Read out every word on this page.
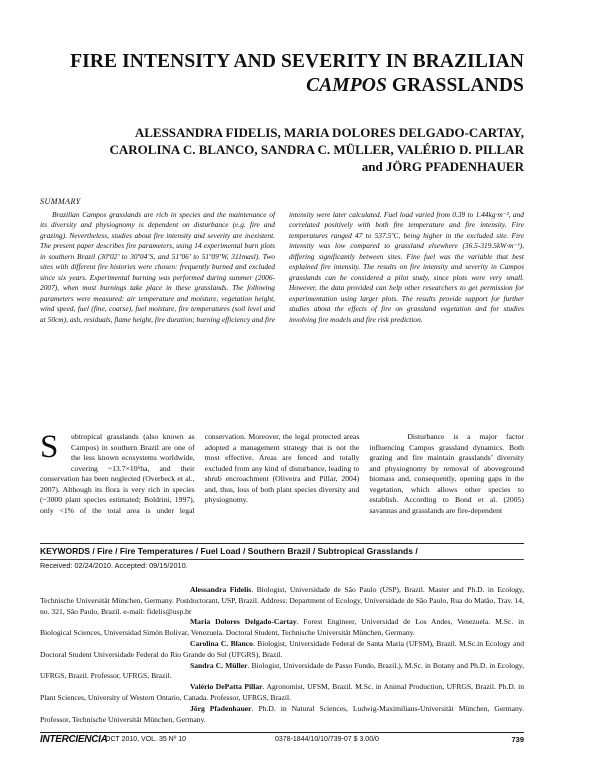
FIRE INTENSITY AND SEVERITY IN BRAZILIAN
CAMPOS GRASSLANDS
ALESSANDRA FIDELIS, MARIA DOLORES DELGADO-CARTAY,
CAROLINA C. BLANCO, SANDRA C. MÜLLER, VALÉRIO D. PILLAR
and JÖRG PFADENHAUER
SUMMARY
Brazilian Campos grasslands are rich in species and the maintenance of its diversity and physiognomy is dependent on disturbance (e.g. fire and grazing). Nevertheless, studies about fire intensity and severity are inexistent. The present paper describes fire parameters, using 14 experimental burn plots in southern Brazil (30º02’ to 30º04’S, and 51º06’ to 51º09’W, 311masl). Two sites with different fire histories were chosen: frequently burned and excluded since six years. Experimental burning was performed during summer (2006-2007), when most burnings take place in these grasslands. The following parameters were measured: air temperature and moisture, vegetation height, wind speed, fuel (fine, coarse), fuel moisture, fire temperatures (soil level and at 50cm), ash, residuals, flame height, fire duration; burning efficiency and fire intensity were later calculated. Fuel load varied from 0.39 to 1.44kg·m⁻², and correlated positively with both fire temperature and fire intensity. Fire temperatures ranged 47 to 537.5ºC, being higher in the excluded site. Fire intensity was low compared to grassland elsewhere (36.5-319.5kW·m⁻¹), differing significantly between sites. Fine fuel was the variable that best explained fire intensity. The results on fire intensity and severity in Campos grasslands can be considered a pilot study, since plots were very small. However, the data provided can help other researchers to get permission for experimentation using larger plots. The results provide support for further studies about the effects of fire on grassland vegetation and for studies involving fire models and fire risk prediction.

S	ubtropical grasslands (also known as Campos) in southern Brazil are one of the less known ecosystems worldwide, covering ~13.7×10⁶ha, and their conservation has been neglected (Overbeck et al., 2007). Although its flora is very rich in species (~3000 plant species estimated; Boldrini, 1997), only <1% of the total area is under legal conservation. Moreover, the legal protected areas adopted a management strategy that is not the most effective. Areas are fenced and totally excluded from any kind of disturbance, leading to shrub encroachment (Oliveira and Pillar, 2004) and, thus, loss of both plant species diversity and physiognomy.

Disturbance is a major factor influencing Campos grassland dynamics. Both grazing and fire maintain grasslands’ diversity and physiognomy by removal of aboveground biomass and, consequently, opening gaps in the vegetation, which allows other species to establish. According to Bond et al. (2005) savannas and grasslands are fire-dependent

KEYWORDS / Fire / Fire Temperatures / Fuel Load / Southern Brazil / Subtropical Grasslands /
Received: 02/24/2010. Accepted: 09/15/2010.

Alessandra Fidelis. Biologist, Universidade de São Paulo (USP), Brazil. Master and Ph.D. in Ecology, Technische Universität München, Germany. Postdoctorant, USP, Brazil. Address: Department of Ecology, Universidade de São Paulo, Rua do Matão, Trav. 14, no. 321, São Paulo, Brazil. e-mail: fidelis@usp.br

Maria Dolores Delgado-Cartay. Forest Engineer, Universidad de Los Andes, Venezuela. M.Sc. in Biological Sciences, Universidad Simón Bolivar, Venezuela. Doctoral Student, Technische Universität München, Germany.

Carolina C. Blanco. Biologist, Universidade Federal de Santa Maria (UFSM), Brazil. M.Sc.in Ecology and Doctoral Student Universidade Federal do Rio Grande do Sul (UFGRS), Brazil.

Sandra C. Müller. Biologist, Universidade de Passo Fundo, Brazil.), M.Sc. in Botany and Ph.D. in Ecology, UFRGS, Brazil. Professor, UFRGS, Brazil.

Valério DePatta Pillar. Agronomist, UFSM, Brazil. M.Sc. in Animal Production, UFRGS, Brazil. Ph.D. in Plant Sciences, University of Western Ontario, Canada. Professor, UFRGS, Brazil.

Jörg Pfadenhauer. Ph.D. in Natural Sciences, Ludwig-Maximilians-Universität München, Germany. Professor, Technische Universität München, Germany.

INTERCIENCIA
OCT 2010, VOL. 35 Nº 10	0378-1844/10/10/739-07 $ 3.00/0	739
